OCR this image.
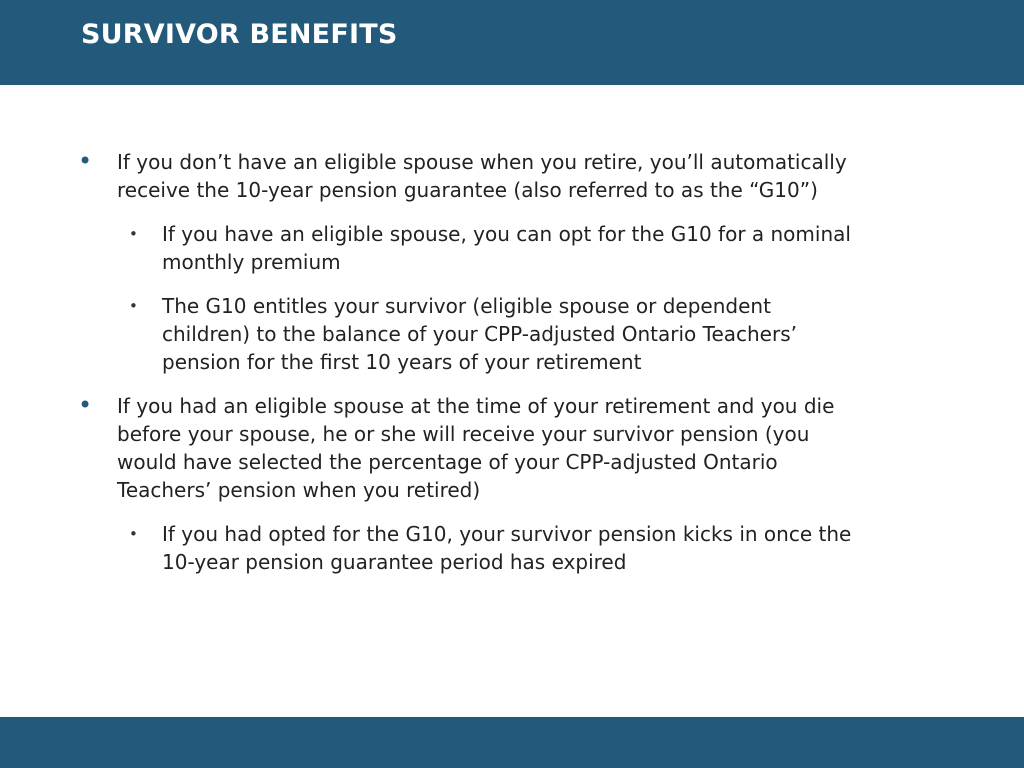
SURVIVOR BENEFITS
• If you don’t have an eligible spouse when you retire, you’ll automatically receive the 10-year pension guarantee (also referred to as the “G10”)
• If you have an eligible spouse, you can opt for the G10 for a nominal monthly premium
• The G10 entitles your survivor (eligible spouse or dependent children) to the balance of your CPP-adjusted Ontario Teachers’ pension for the first 10 years of your retirement
• If you had an eligible spouse at the time of your retirement and you die before your spouse, he or she will receive your survivor pension (you would have selected the percentage of your CPP-adjusted Ontario Teachers’ pension when you retired)
• If you had opted for the G10, your survivor pension kicks in once the 10-year pension guarantee period has expired
